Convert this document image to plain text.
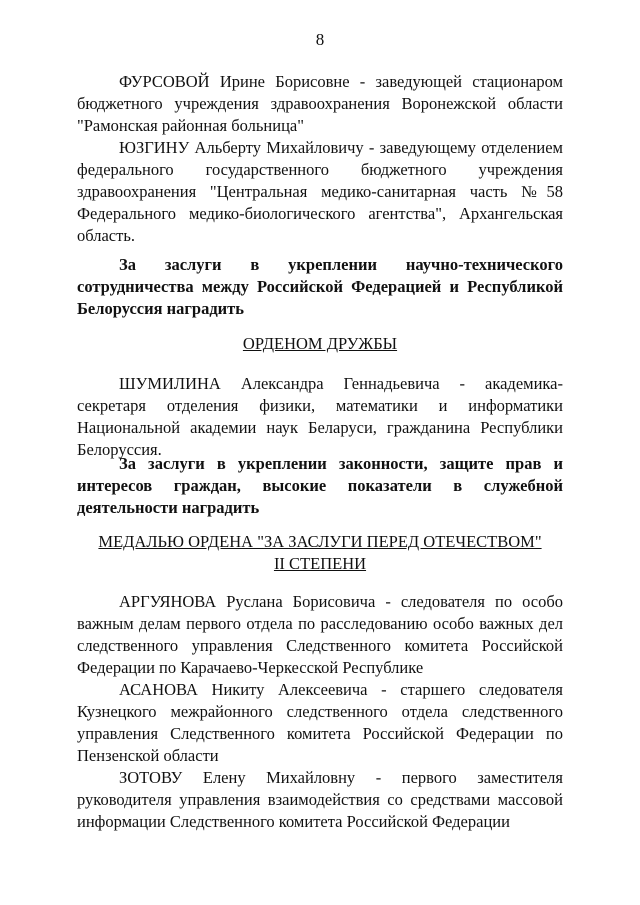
8

ФУРСОВОЙ Ирине Борисовне - заведующей стационаром бюджетного учреждения здравоохранения Воронежской области "Рамонская районная больница"

ЮЗГИНУ Альберту Михайловичу - заведующему отделением федерального государственного бюджетного учреждения здравоохранения "Центральная медико-санитарная часть №58 Федерального медико-биологического агентства", Архангельская область.

За заслуги в укреплении научно-технического сотрудничества между Российской Федерацией и Республикой Белоруссия наградить

ОРДЕНОМ ДРУЖБЫ

ШУМИЛИНА Александра Геннадьевича - академика-секретаря отделения физики, математики и информатики Национальной академии наук Беларуси, гражданина Республики Белоруссия.

За заслуги в укреплении законности, защите прав и интересов граждан, высокие показатели в служебной деятельности наградить

МЕДАЛЬЮ ОРДЕНА "ЗА ЗАСЛУГИ ПЕРЕД ОТЕЧЕСТВОМ"
II СТЕПЕНИ

АРГУЯНОВА Руслана Борисовича - следователя по особо важным делам первого отдела по расследованию особо важных дел следственного управления Следственного комитета Российской Федерации по Карачаево-Черкесской Республике

АСАНОВА Никиту Алексеевича - старшего следователя Кузнецкого межрайонного следственного отдела следственного управления Следственного комитета Российской Федерации по Пензенской области

ЗОТОВУ Елену Михайловну - первого заместителя руководителя управления взаимодействия со средствами массовой информации Следственного комитета Российской Федерации
